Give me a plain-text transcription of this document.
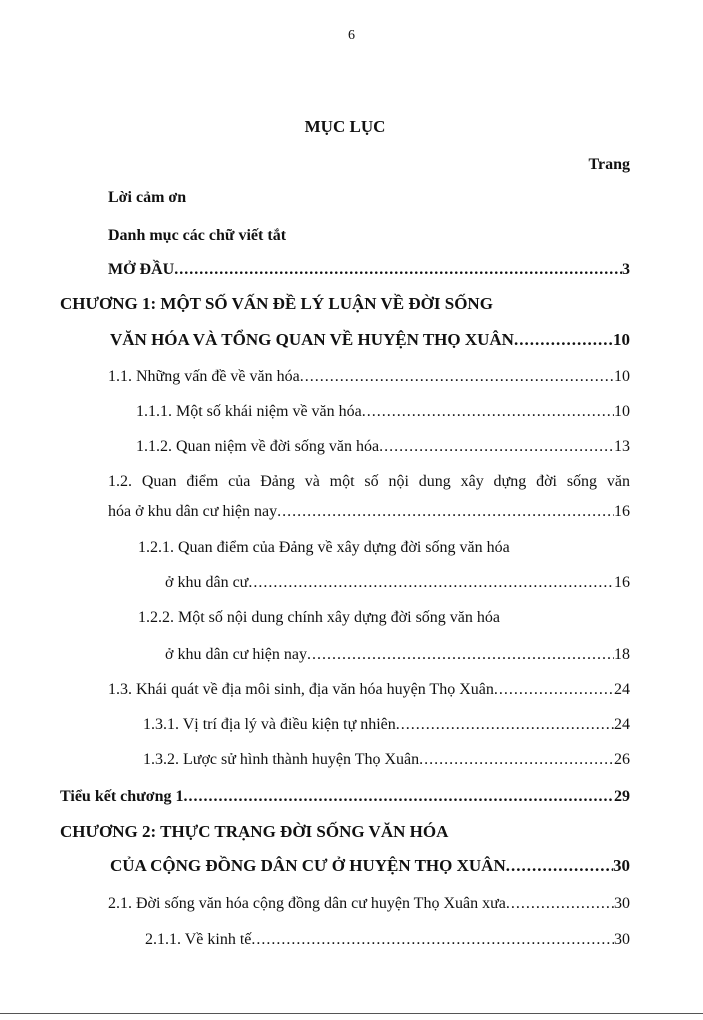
6
MỤC LỤC
Trang
Lời cảm ơn
Danh mục các chữ viết tắt
MỞ ĐẦU .....	3
CHƯƠNG 1: MỘT SỐ VẤN ĐỀ LÝ LUẬN VỀ ĐỜI SỐNG
VĂN HÓA VÀ TỔNG QUAN VỀ HUYỆN THỌ XUÂN .....	10
1.1. Những vấn đề về văn hóa .....	10
1.1.1. Một số khái niệm về văn hóa .....	10
1.1.2. Quan niệm về đời sống văn hóa .....	13
1.2. Quan điểm của Đảng và một số nội dung xây dựng đời sống văn
hóa ở khu dân cư hiện nay .....	16
1.2.1. Quan điểm của Đảng về xây dựng đời sống văn hóa
ở khu dân cư .....	16
1.2.2. Một số nội dung chính xây dựng đời sống văn hóa
ở khu dân cư hiện nay .....	18
1.3. Khái quát về địa môi sinh, địa văn hóa huyện Thọ Xuân .....	24
1.3.1. Vị trí địa lý và điều kiện tự nhiên .....	24
1.3.2. Lược sử hình thành huyện Thọ Xuân .....	26
Tiểu kết chương 1 .....	29
CHƯƠNG 2: THỰC TRẠNG ĐỜI SỐNG VĂN HÓA
CỦA CỘNG ĐỒNG DÂN CƯ Ở HUYỆN THỌ XUÂN .....	30
2.1. Đời sống văn hóa cộng đồng dân cư huyện Thọ Xuân xưa .....	30
2.1.1. Về kinh tế .....	30
